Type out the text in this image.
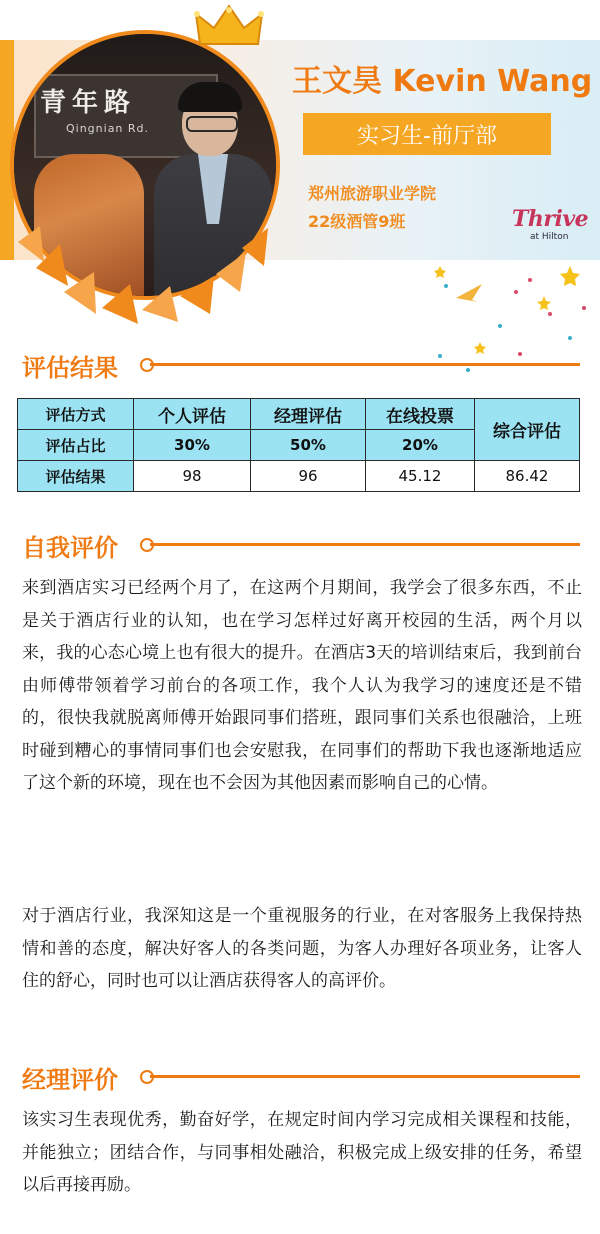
青年路
Qingnian Rd.
王文昊 Kevin Wang
实习生-前厅部
郑州旅游职业学院
22级酒管9班	Thrive
at Hilton
评估结果
评估方式	个人评估	经理评估	在线投票	综合评估
评估占比	30%	50%	20%	
评估结果	98	96	45.12	86.42
自我评价
来到酒店实习已经两个月了，在这两个月期间，我学会了很多东西，不止是关于酒店行业的认知，也在学习怎样过好离开校园的生活，两个月以来，我的心态心境上也有很大的提升。在酒店3天的培训结束后，我到前台由师傅带领着学习前台的各项工作，我个人认为我学习的速度还是不错的，很快我就脱离师傅开始跟同事们搭班，跟同事们关系也很融洽，上班时碰到糟心的事情同事们也会安慰我，在同事们的帮助下我也逐渐地适应了这个新的环境，现在也不会因为其他因素而影响自己的心情。
对于酒店行业，我深知这是一个重视服务的行业，在对客服务上我保持热情和善的态度，解决好客人的各类问题，为客人办理好各项业务，让客人住的舒心，同时也可以让酒店获得客人的高评价。
经理评价
该实习生表现优秀，勤奋好学，在规定时间内学习完成相关课程和技能，并能独立；团结合作，与同事相处融洽，积极完成上级安排的任务，希望以后再接再励。
